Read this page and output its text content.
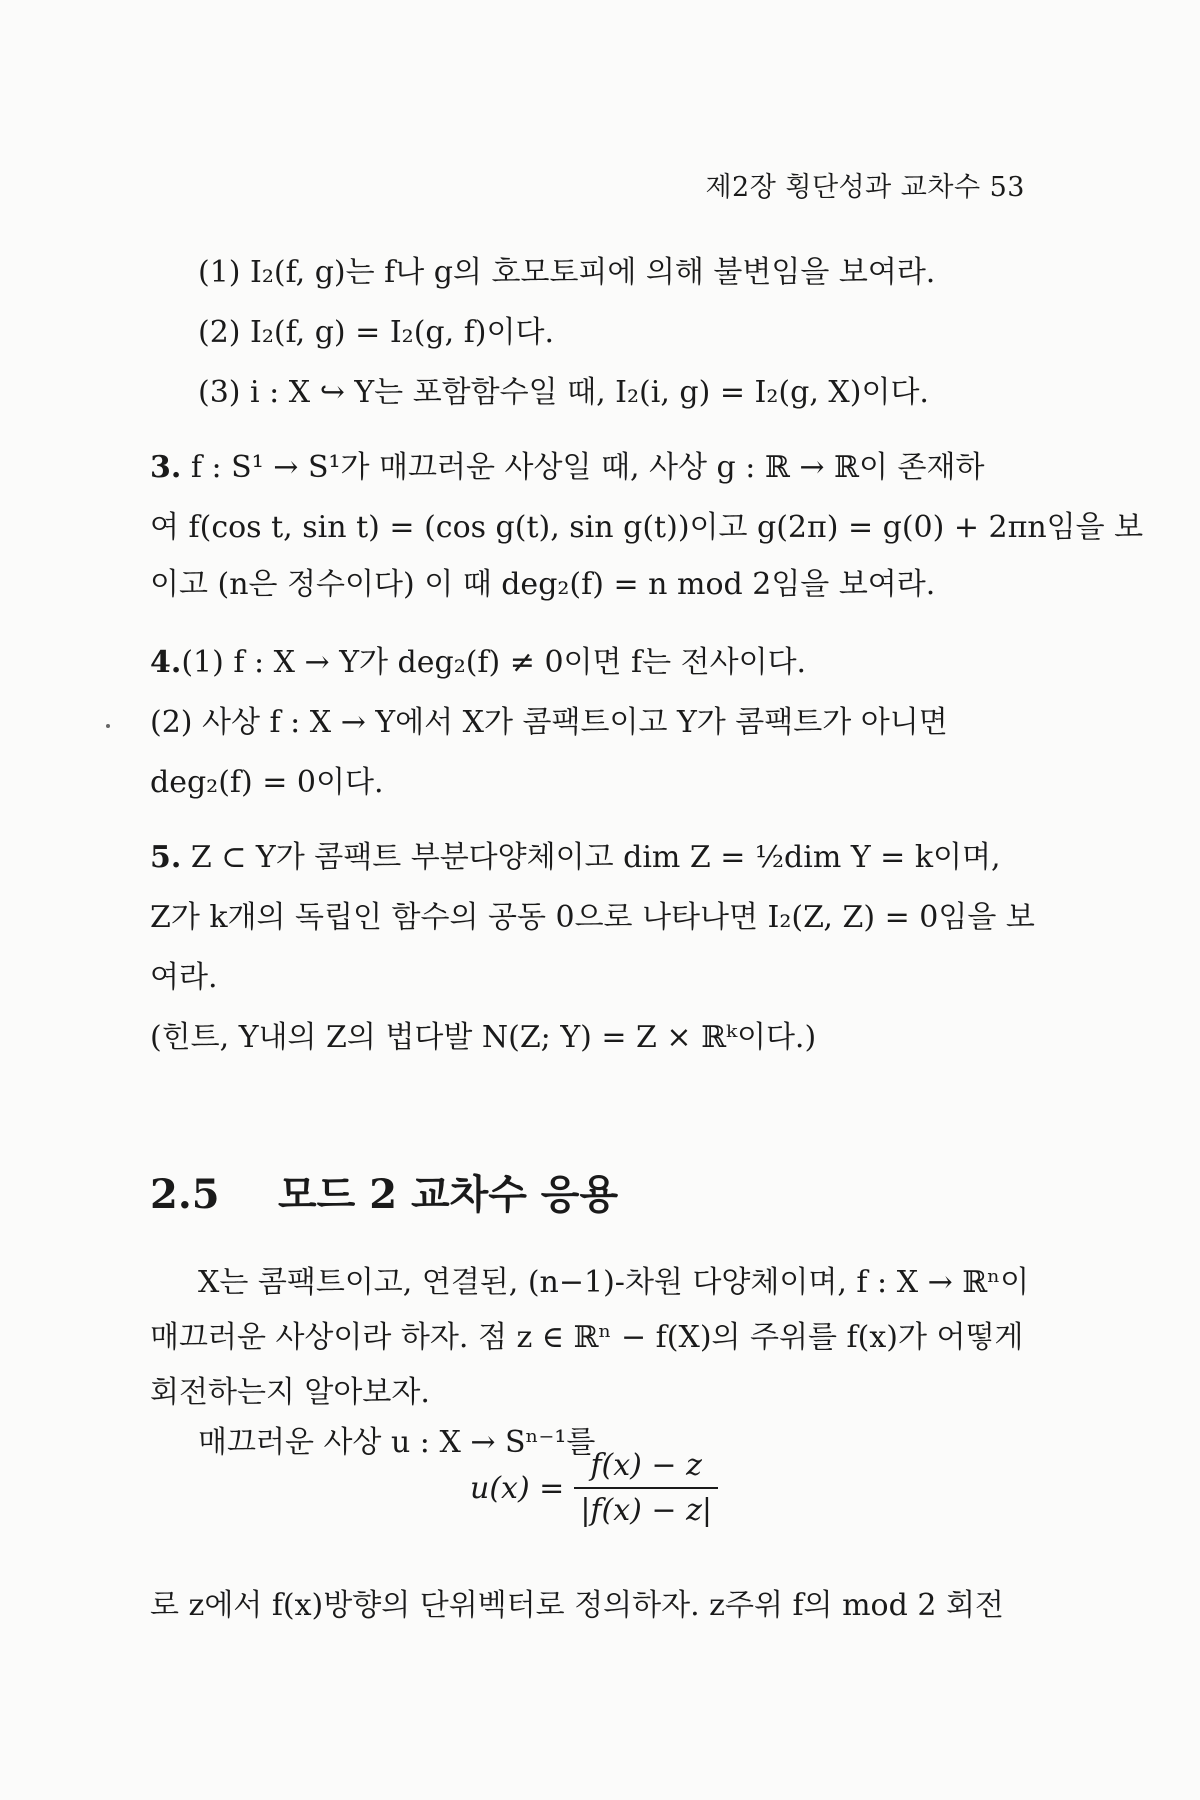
제2장 횡단성과 교차수 53
(1) I₂(f, g)는 f나 g의 호모토피에 의해 불변임을 보여라.
(2) I₂(f, g) = I₂(g, f)이다.
(3) i : X ↪ Y는 포함함수일 때, I₂(i, g) = I₂(g, X)이다.
3. f : S¹ → S¹가 매끄러운 사상일 때, 사상 g : ℝ → ℝ이 존재하
여 f(cos t, sin t) = (cos g(t), sin g(t))이고 g(2π) = g(0) + 2πn임을 보
이고 (n은 정수이다) 이 때 deg₂(f) = n mod 2임을 보여라.
4.(1) f : X → Y가 deg₂(f) ≠ 0이면 f는 전사이다.
(2) 사상 f : X → Y에서 X가 콤팩트이고 Y가 콤팩트가 아니면
deg₂(f) = 0이다.
5. Z ⊂ Y가 콤팩트 부분다양체이고 dim Z = ½dim Y = k이며,
Z가 k개의 독립인 함수의 공동 0으로 나타나면 I₂(Z, Z) = 0임을 보
여라.
(힌트, Y내의 Z의 법다발 N(Z; Y) = Z × ℝᵏ이다.)
2.5 모드 2 교차수 응용
X는 콤팩트이고, 연결된, (n−1)-차원 다양체이며, f : X → ℝⁿ이
매끄러운 사상이라 하자. 점 z ∈ ℝⁿ − f(X)의 주위를 f(x)가 어떻게
회전하는지 알아보자.
매끄러운 사상 u : X → Sⁿ⁻¹를
$u(x) = \frac{f(x) - z}{|f(x) - z|}$
로 z에서 f(x)방향의 단위벡터로 정의하자. z주위 f의 mod 2 회전
